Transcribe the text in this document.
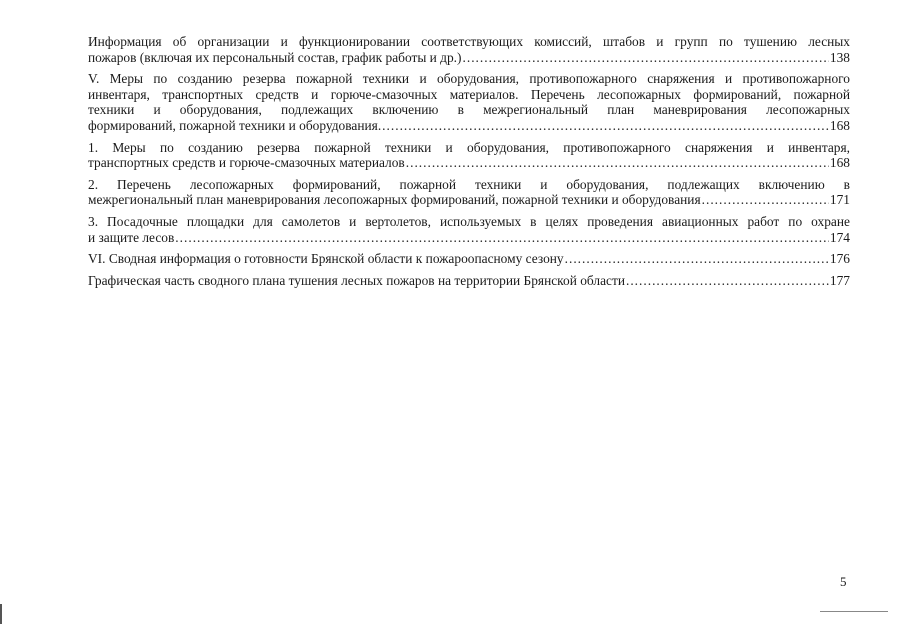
Информация об организации и функционировании соответствующих комиссий, штабов и групп по тушению лесных
пожаров (включая их персональный состав, график работы и др.) .....	138
V. Меры по созданию резерва пожарной техники и оборудования, противопожарного снаряжения и противопожарного
инвентаря, транспортных средств и горюче-смазочных материалов. Перечень лесопожарных формирований, пожарной
техники и оборудования, подлежащих включению в межрегиональный план маневрирования лесопожарных
формирований, пожарной техники и оборудования. .....	168
1. Меры по созданию резерва пожарной техники и оборудования, противопожарного снаряжения и инвентаря,
транспортных средств и горюче-смазочных материалов .....	168
2. Перечень лесопожарных формирований, пожарной техники и оборудования, подлежащих включению в
межрегиональный план маневрирования лесопожарных формирований, пожарной техники и оборудования .....	171
3. Посадочные площадки для самолетов и вертолетов, используемых в целях проведения авиационных работ по охране
и защите лесов .....	174
VI. Сводная информация о готовности Брянской области к пожароопасному сезону .....	176
Графическая часть сводного плана тушения лесных пожаров на территории Брянской области .....	177
5
